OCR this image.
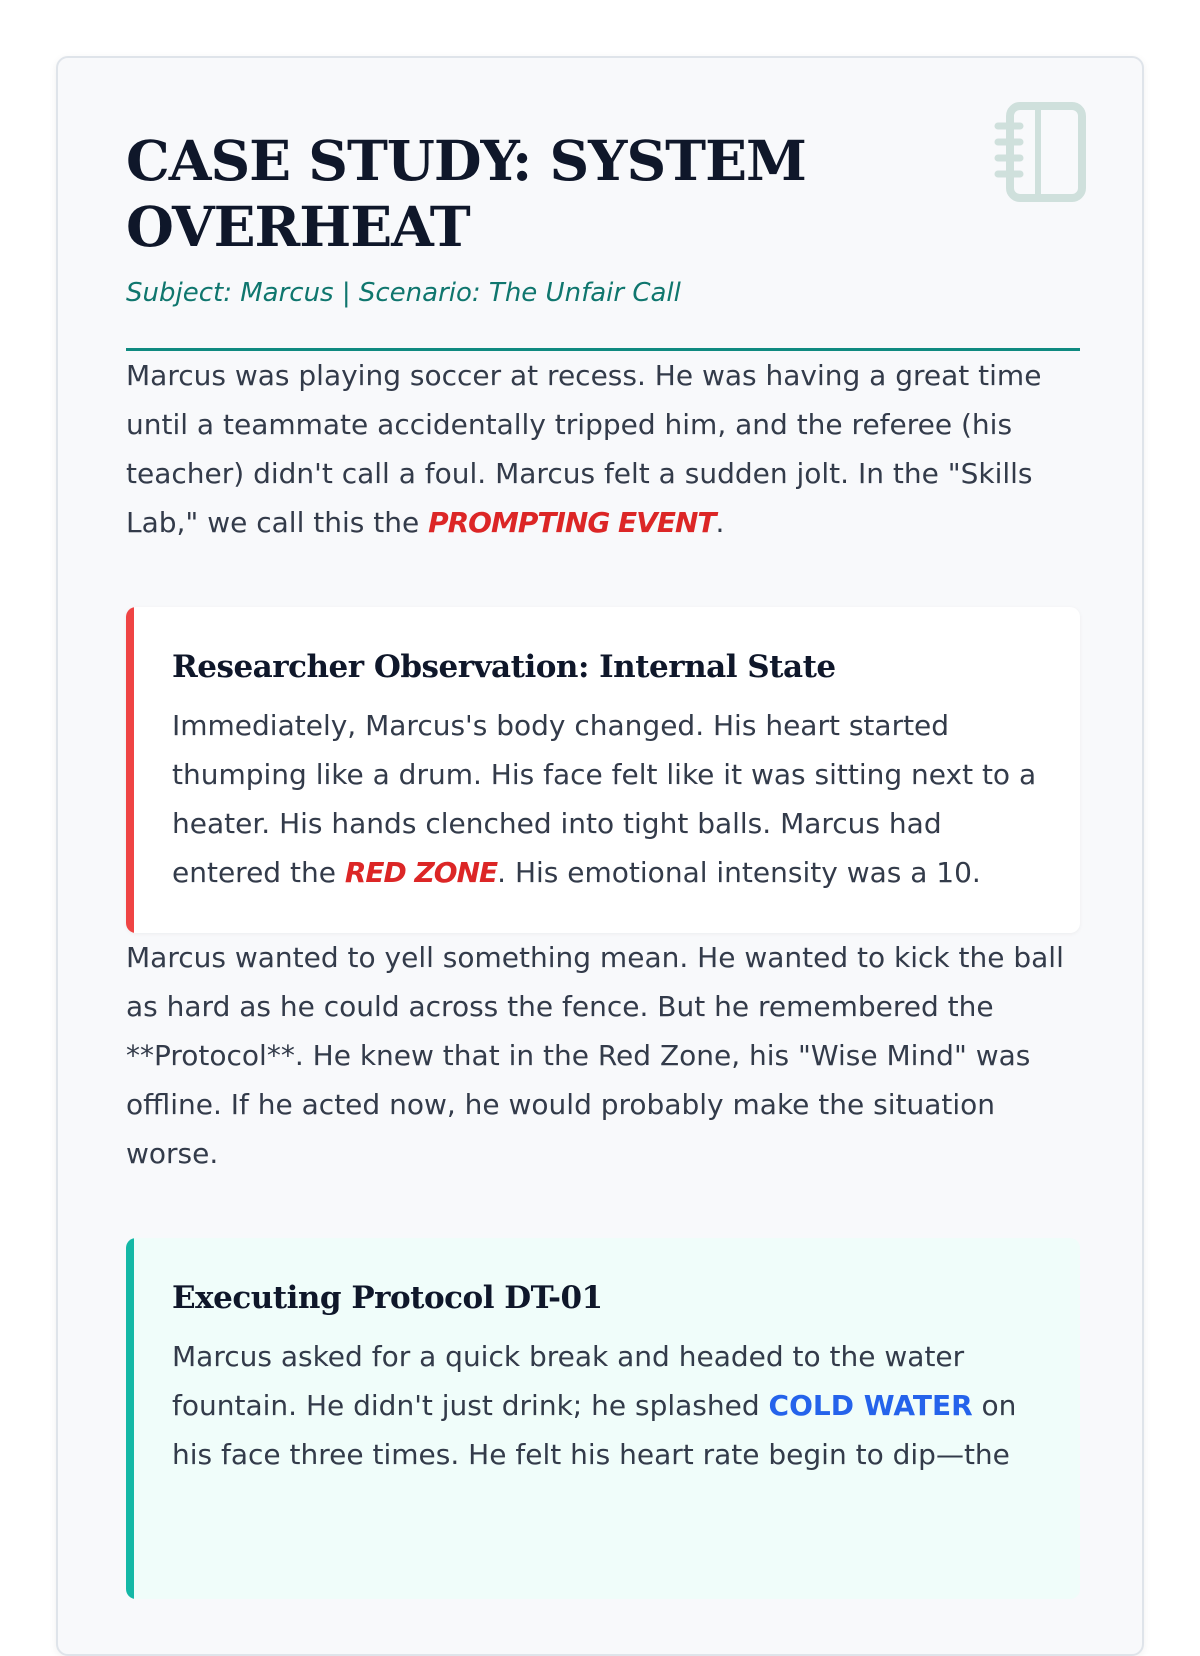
CASE STUDY: SYSTEM OVERHEAT
Subject: Marcus | Scenario: The Unfair Call

Marcus was playing soccer at recess. He was having a great time until a teammate accidentally tripped him, and the referee (his teacher) didn't call a foul. Marcus felt a sudden jolt. In the "Skills Lab," we call this the PROMPTING EVENT.

Researcher Observation: Internal State

Immediately, Marcus's body changed. His heart started thumping like a drum. His face felt like it was sitting next to a heater. His hands clenched into tight balls. Marcus had entered the RED ZONE. His emotional intensity was a 10.

Marcus wanted to yell something mean. He wanted to kick the ball as hard as he could across the fence. But he remembered the **Protocol**. He knew that in the Red Zone, his "Wise Mind" was offline. If he acted now, he would probably make the situation worse.

Executing Protocol DT-01

Marcus asked for a quick break and headed to the water fountain. He didn't just drink; he splashed COLD WATER on his face three times. He felt his heart rate begin to dip—the
